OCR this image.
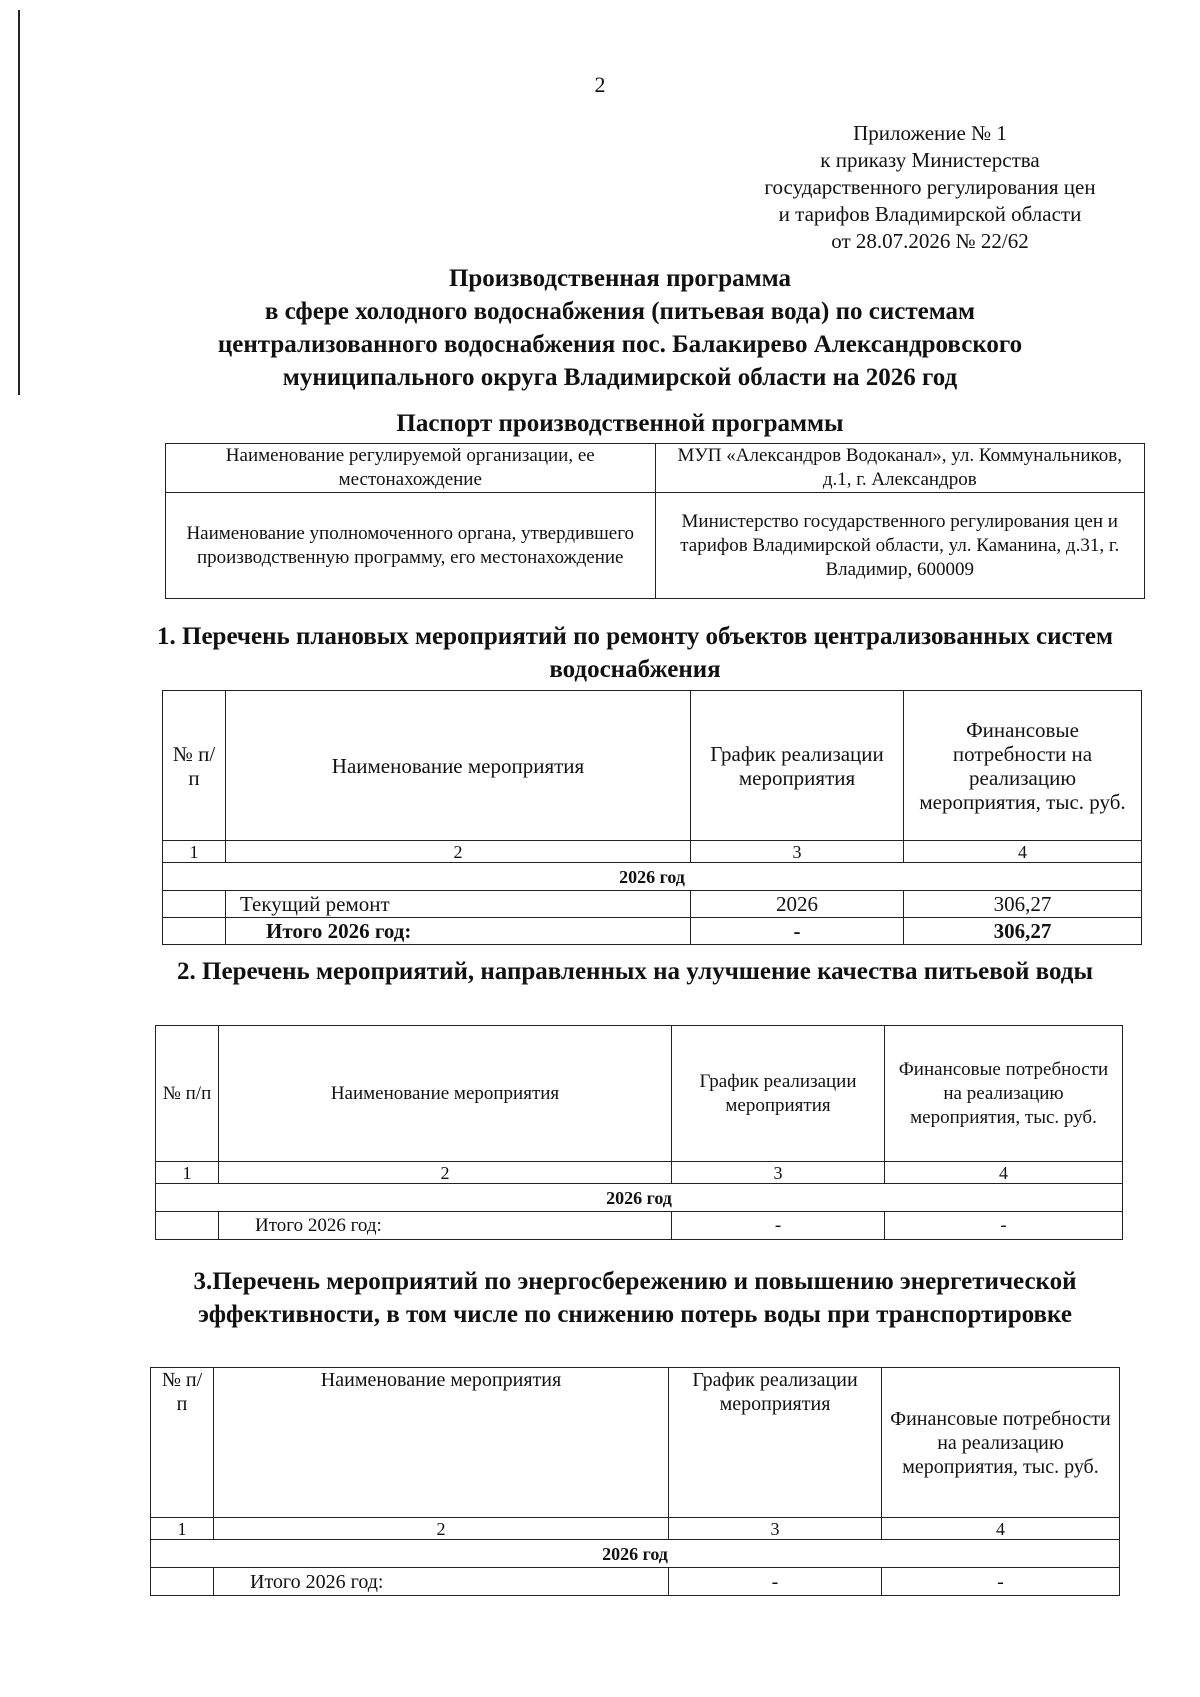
2
Приложение № 1
к приказу Министерства
государственного регулирования цен
и тарифов Владимирской области
от 28.07.2026 № 22/62
Производственная программа
в сфере холодного водоснабжения (питьевая вода) по системам
централизованного водоснабжения пос. Балакирево Александровского
муниципального округа Владимирской области на 2026 год
Паспорт производственной программы
Наименование регулируемой организации, ее местонахождение	МУП «Александров Водоканал», ул. Коммунальников, д.1, г. Александров
Наименование уполномоченного органа, утвердившего производственную программу, его местонахождение	Министерство государственного регулирования цен и тарифов Владимирской области, ул. Каманина, д.31, г. Владимир, 600009
1. Перечень плановых мероприятий по ремонту объектов централизованных систем водоснабжения
№ п/п	Наименование мероприятия	График реализации мероприятия	Финансовые потребности на реализацию мероприятия, тыс. руб.
1	2	3	4
2026 год			
	Текущий ремонт	2026	306,27
	Итого 2026 год:	-	306,27
2. Перечень мероприятий, направленных на улучшение качества питьевой воды
№ п/п	Наименование мероприятия	График реализации мероприятия	Финансовые потребности на реализацию мероприятия, тыс. руб.
1	2	3	4
2026 год			
	Итого 2026 год:	-	-
3.Перечень мероприятий по энергосбережению и повышению энергетической эффективности, в том числе по снижению потерь воды при транспортировке
№ п/п	Наименование мероприятия	График реализации мероприятия	Финансовые потребности на реализацию мероприятия, тыс. руб.
1	2	3	4
2026 год			
	Итого 2026 год:	-	-
